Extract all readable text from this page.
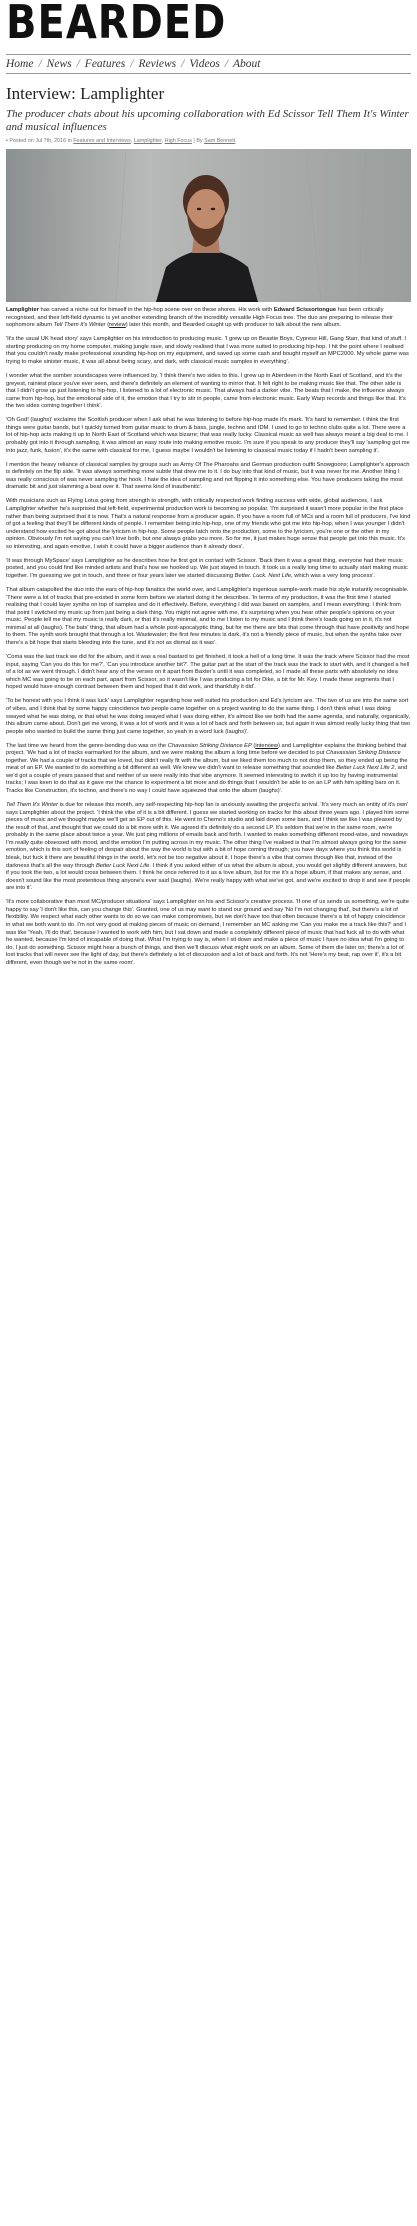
BEARDED
Home / News / Features / Reviews / Videos / About
Interview: Lamplighter
The producer chats about his upcoming collaboration with Ed Scissor Tell Them It's Winter and musical influences
▪ Posted on Jul 7th, 2016 in Features and Interviews, Lamplighter, High Focus | By Sam Bennett

Lamplighter has carved a niche out for himself in the hip-hop scene over on these shores. His work with Edward Scissortongue has been critically recognised, and their left-field dynamic is yet another extending branch of the incredibly versatile High Focus tree. The duo are preparing to release their sophomore album Tell Them It's Winter (review) later this month, and Bearded caught up with producer to talk about the new album.

'It's the usual UK head story' says Lamplighter on his introduction to producing music. 'I grew up on Beastie Boys, Cypress Hill, Gang Starr, that kind of stuff. I starting producing on my home computer, making jungle rave, and slowly realised that I was more suited to producing hip-hop. I hit the point where I realised that you couldn't really make professional sounding hip-hop on my equipment, and saved up some cash and bought myself an MPC2000. My whole game was trying to make sinister music, it was all about being scary, and dark, with classical music samples in everything'.

I wonder what the somber soundscapes were influenced by. 'I think there's two sides to this. I grew up in Aberdeen in the North East of Scotland, and it's the greyest, rainiest place you've ever seen, and there's definitely an element of wanting to mirror that. It felt right to be making music like that. The other side is that I didn't grow up just listening to hip-hop, I listened to a lot of electronic music. That always had a darker vibe. The beats that I make, the influence always came from hip-hop, but the emotional side of it, the emotion that I try to stir in people, came from electronic music. Early Warp records and things like that. It's the two sides coming together I think'.

'Oh God! (laughs)' exclaims the Scottish producer when I ask what he was listening to before hip-hop made it's mark. 'It's hard to remember. I think the first things were guitar bands, but I quickly turned from guitar music to drum & bass, jungle, techno and IDM. I used to go to techno clubs quite a lot. There were a lot of hip-hop acts making it up to North East of Scotland which was bizarre; that was really lucky. Classical music as well has always meant a big deal to me. I probably got into it through sampling, it was almost an easy route into making emotive music. I'm sure if you speak to any producer they'll say 'sampling got me into jazz, funk, fusion', it's the same with classical for me, I guess maybe I wouldn't be listening to classical music today if I hadn't been sampling it'.

I mention the heavy reliance of classical samples by groups such as Army Of The Pharoahs and German production outfit Snowgoons; Lamplighter's approach is definitely on the flip side. 'It was always something more subtle that drew me to it. I do buy into that kind of music, but it was never for me. Another thing I was really conscious of was never sampling the hook. I hate the idea of sampling and not flipping it into something else. You have producers taking the most dramatic bit and just slamming a beat over it. That seems kind of inauthentic'.

With musicians such as Flying Lotus going from strength to strength, with critically respected work finding success with wide, global audiences, I ask Lamplighter whether he's surprised that left-field, experimental production work is becoming so popular. 'I'm surprised it wasn't more popular in the first place rather than being surprised that it is now. That's a natural response from a producer again. If you have a room full of MCs and a room full of producers, I've kind of got a feeling that they'll be different kinds of people. I remember being into hip-hop, one of my friends who got me into hip-hop, when I was younger I didn't understand how excited he got about the lyricism in hip-hop. Some people latch onto the production, some to the lyricism, you're one or the other in my opinion. Obviously I'm not saying you can't love both, but one always grabs you more. So for me, it just makes huge sense that people get into this music. It's so interesting, and again emotive, I wish it could have a bigger audience than it already does'.

'It was through MySpace' says Lamplighter as he describes how he first got in contact with Scissor. 'Back then it was a great thing, everyone had their music posted, and you could find like minded artists and that's how we hooked up. We just stayed in touch. It took us a really long time to actually start making music together. I'm guessing we got in touch, and three or four years later we started discussing Better. Luck. Next Life, which was a very long process'.

That album catapulted the duo into the ears of hip-hop fanatics the world over, and Lamplighter's ingenious sample-work made his style instantly recognisable. 'There were a lot of tracks that pre-existed in some form before we started doing it he describes. 'In terms of my production, it was the first time I started realising that I could layer synths on top of samples and do it effectively. Before, everything I did was based on samples, and I mean everything. I think from that point I switched my music up from just being a dark thing. You might not agree with me, it's surprising when you hear other people's opinions on your music. People tell me that my music is really dark, or that it's really minimal, and to me I listen to my music and I think there's loads going on in it, it's not minimal at all (laughs). The bats' thing, that album had a whole post-apocalyptic thing, but for me there are bits that come through that have positivity and hope to them. The synth work brought that through a lot. Wastewater; the first few minutes is dark, it's not a friendly piece of music, but when the synths take over there's a bit hope that starts bleeding into the tune, and it's not as dismal as it was'.

'Coma was the last track we did for the album, and it was a real bastard to get finished, it took a hell of a long time. It was the track where Scissor had the most input, saying 'Can you do this for me?', 'Can you introduce another bit?'. The guitar part at the start of the track was the track to start with, and it changed a hell of a lot as we went through. I didn't hear any of the verses on it apart from Baxter's until it was completed, so I made all these parts with absolutely no idea which MC was going to be on each part, apart from Scissor, so it wasn't like I was producing a bit for Dike, a bit for Mr. Key. I made these segments that I hoped would have enough contrast between them and hoped that it did work, and thankfully it did'.

'To be honest with you I think it was luck' says Lamplighter regarding how well suited his production and Ed's lyricism are. 'The two of us are into the same sort of vibes, and I think that by some happy coincidence two people came together on a project wanting to do the same thing. I don't think what I was doing swayed what he was doing, or that what he was doing swayed what I was doing either, it's almost like we both had the same agenda, and naturally, organically, this album came about. Don't get me wrong, it was a lot of work and it was a lot of back and forth between us, but again it was almost really lucky thing that two people who wanted to build the same thing just came together, so yeah in a word luck (laughs)'.

The last time we heard from the genre-bending duo was on the Chavassian Striking Distance EP (interview) and Lamplighter explains the thinking behind that project. 'We had a lot of tracks earmarked for the album, and we were making the album a long time before we decided to put Chavassian Striking Distance together. We had a couple of tracks that we loved, but didn't really fit with the album, but we liked them too much to not drop them, so they ended up being the meat of an EP. We wanted to do something a bit different as well. We knew we didn't want to release something that sounded like Better Luck Next Life 2, and we'd got a couple of years passed that and neither of us were really into that vibe anymore. It seemed interesting to switch it up too by having instrumental tracks; I was keen to do that as it gave me the chance to experiment a bit more and do things that I wouldn't be able to on an LP with him spitting bars on it. Tracks like Construction, it's techno, and there's no way I could have squeezed that onto the album (laughs)'.

Tell Them It's Winter is due for release this month, any self-respecting hip-hop fan is anxiously awaiting the project's arrival. 'It's very much an entity of it's own' says Lamplighter about the project. 'I think the vibe of it is a bit different. I guess we started working on tracks for this about three years ago. I played him some pieces of music and we thought maybe we'll get an EP out of this. He went to Chemo's studio and laid down some bars, and I think we like I was pleased by the result of that, and thought that we could do a bit more with it. We agreed it's definitely do a second LP. It's seldom that we're in the same room, we're probably in the same place about twice a year. We just ping millions of emails back and forth. I wanted to make something different mood-wise, and nowadays I'm really quite obsessed with mood, and the emotion I'm putting across in my music. The other thing I've realised is that I'm almost always going for the same emotion, which is this sort of feeling of despair about the way the world is but with a bit of hope coming through; you have days where you think this world is bleak, but fuck it there are beautiful things in the world, let's not be too negative about it. I hope there's a vibe that comes through like that, instead of the darkness that's all the way through Better Luck Next Life. I think if you asked either of us what the album is about, you would get slightly different answers, but if you took the two, a lot would cross between them. I think he once referred to it as a love album, but for me it's a hope album, if that makes any sense, and doesn't sound like the most pretentious thing anyone's ever said (laughs). We're really happy with what we've got, and we're excited to drop it and see if people are into it'.

'It's more collaborative than most MC/producer situations' says Lamplighter on his and Scissor's creative process. 'If one of us sends us something, we're quite happy to say 'I don't like this, can you change this'. Granted, one of us may want to stand our ground and say 'No I'm not changing that', but there's a lot of flexibility. We respect what each other wants to do so we can make compromises, but we don't have too that often because there's a lot of happy coincidence in what we both want to do. I'm not very good at making pieces of music on demand, I remember an MC asking me 'Can you make me a track like this?' and I was like 'Yeah, I'll do that', because I wanted to work with him, but I sat down and made a completely different piece of music that had fuck all to do with what he wanted, because I'm kind of incapable of doing that. What I'm trying to say is, when I sit down and make a piece of music I have no idea what I'm going to do, I just do something. Scissor might hear a bunch of things, and then we'll discuss what might work on an album. Some of them die later on; there's a lot of lost tracks that will never see the light of day, but there's definitely a lot of discussion and a lot of back and forth. It's not 'Here's my beat, rap over it', it's a bit different, even though we're not in the same room'.
